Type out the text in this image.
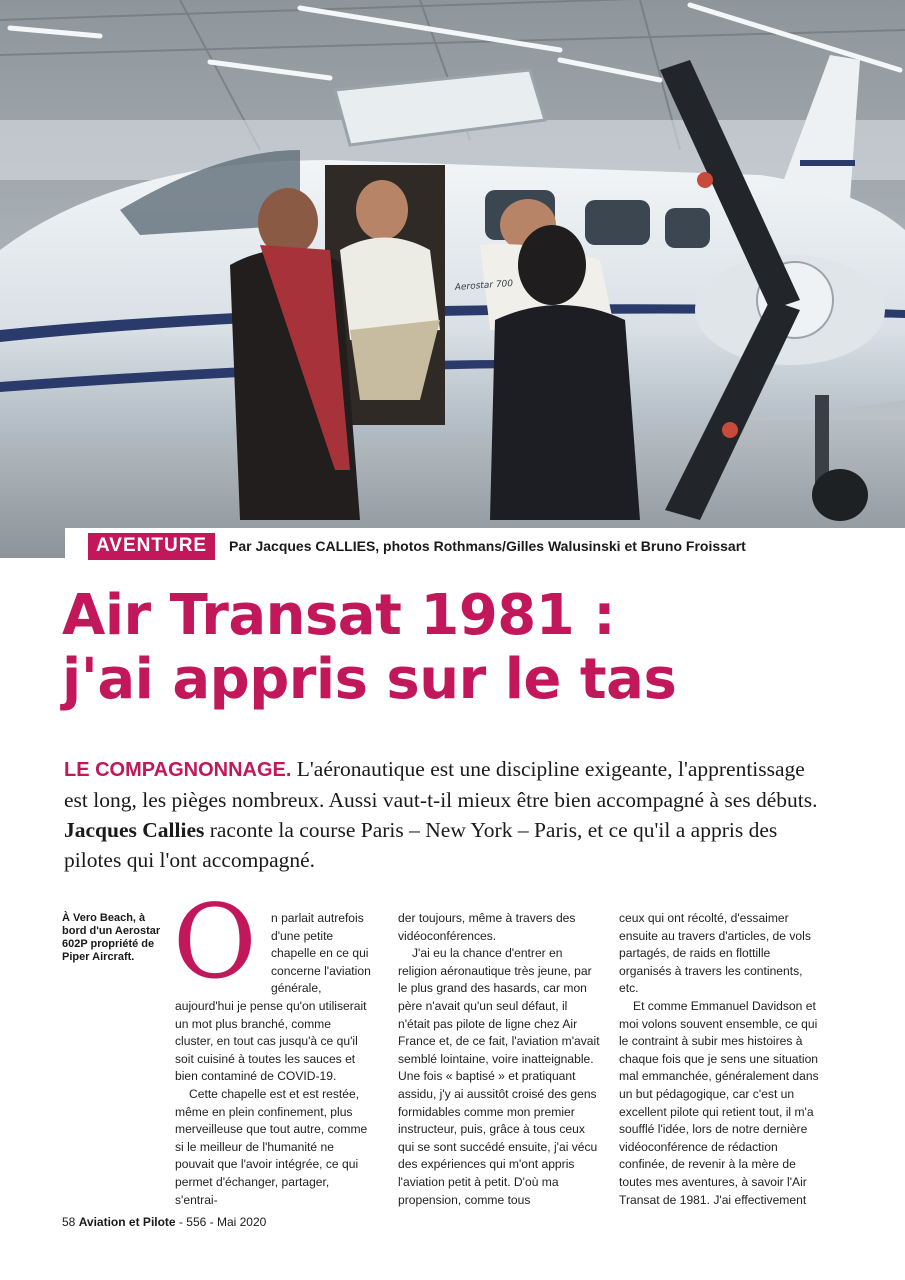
Aerostar 700
AVENTURE	Par Jacques CALLIES, photos Rothmans/Gilles Walusinski et Bruno Froissart
Air Transat 1981 :
j'ai appris sur le tas

LE COMPAGNONNAGE. L'aéronautique est une discipline exigeante, l'apprentissage est long, les pièges nombreux. Aussi vaut-t-il mieux être bien accompagné à ses débuts. Jacques Callies raconte la course Paris – New York – Paris, et ce qu'il a appris des pilotes qui l'ont accompagné.

À Vero Beach, à bord d'un Aerostar 602P propriété de Piper Aircraft. O	n parlait autrefois d'une petite chapelle en ce qui concerne l'aviation générale, aujourd'hui je pense qu'on utiliserait un mot plus branché, comme cluster, en tout cas jusqu'à ce qu'il soit cuisiné à toutes les sauces et bien contaminé de COVID-19.

Cette chapelle est et est restée, même en plein confinement, plus merveilleuse que tout autre, comme si le meilleur de l'humanité ne pouvait que l'avoir intégrée, ce qui permet d'échanger, partager, s'entrai-

der toujours, même à travers des vidéoconférences.

J'ai eu la chance d'entrer en religion aéronautique très jeune, par le plus grand des hasards, car mon père n'avait qu'un seul défaut, il n'était pas pilote de ligne chez Air France et, de ce fait, l'aviation m'avait semblé lointaine, voire inatteignable. Une fois « baptisé » et pratiquant assidu, j'y ai aussitôt croisé des gens formidables comme mon premier instructeur, puis, grâce à tous ceux qui se sont succédé ensuite, j'ai vécu des expériences qui m'ont appris l'aviation petit à petit. D'où ma propension, comme tous

ceux qui ont récolté, d'essaimer ensuite au travers d'articles, de vols partagés, de raids en flottille organisés à travers les continents, etc.

Et comme Emmanuel Davidson et moi volons souvent ensemble, ce qui le contraint à subir mes histoires à chaque fois que je sens une situation mal emmanchée, généralement dans un but pédagogique, car c'est un excellent pilote qui retient tout, il m'a soufflé l'idée, lors de notre dernière vidéoconférence de rédaction confinée, de revenir à la mère de toutes mes aventures, à savoir l'Air Transat de 1981. J'ai effectivement

58 Aviation et Pilote - 556 - Mai 2020
